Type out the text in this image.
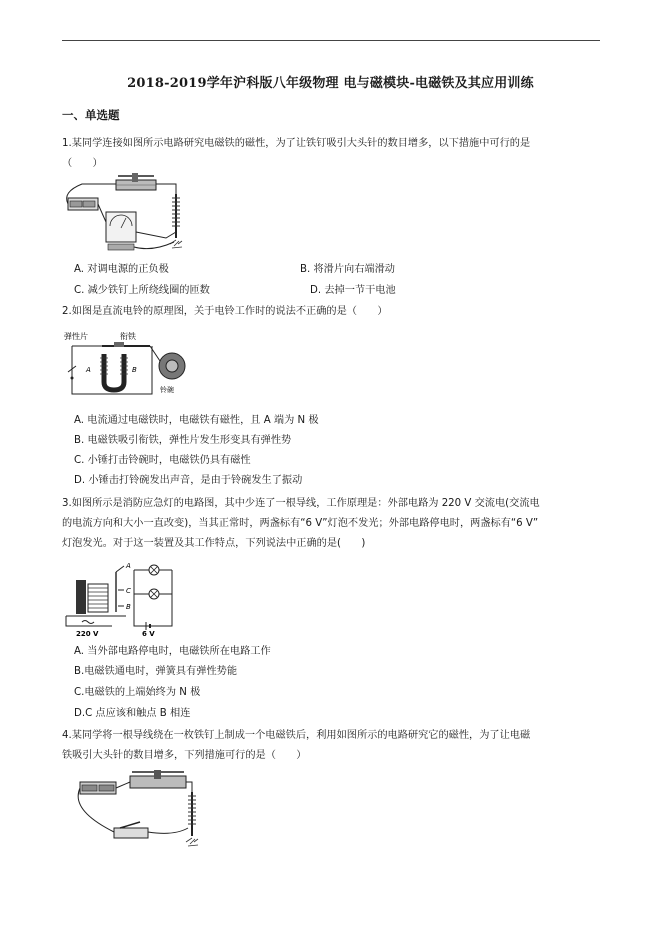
2018-2019学年沪科版八年级物理 电与磁模块-电磁铁及其应用训练
一、单选题
1.某同学连接如图所示电路研究电磁铁的磁性，为了让铁钉吸引大头针的数目增多，以下措施中可行的是
（　　）
A. 对调电源的正负极	B. 将滑片向右端滑动
C. 减少铁钉上所绕线圈的匝数	D. 去掉一节干电池
2.如图是直流电铃的原理图，关于电铃工作时的说法不正确的是（　　）
弹性片	衔铁
A	B
铃碗
A. 电流通过电磁铁时，电磁铁有磁性，且 A 端为 N 极
B. 电磁铁吸引衔铁，弹性片发生形变具有弹性势
C. 小锤打击铃碗时，电磁铁仍具有磁性
D. 小锤击打铃碗发出声音，是由于铃碗发生了振动
3.如图所示是消防应急灯的电路图，其中少连了一根导线，工作原理是：外部电路为 220 V 交流电(交流电
的电流方向和大小一直改变)，当其正常时，两盏标有“6 V”灯泡不发光；外部电路停电时，两盏标有“6 V”
灯泡发光。对于这一装置及其工作特点，下列说法中正确的是(　　)
A
C
B
220 V	6 V
A. 当外部电路停电时，电磁铁所在电路工作
B.电磁铁通电时，弹簧具有弹性势能
C.电磁铁的上端始终为 N 极
D.C 点应该和触点 B 相连
4.某同学将一根导线绕在一枚铁钉上制成一个电磁铁后，利用如图所示的电路研究它的磁性，为了让电磁
铁吸引大头针的数目增多，下列措施可行的是（　　）
